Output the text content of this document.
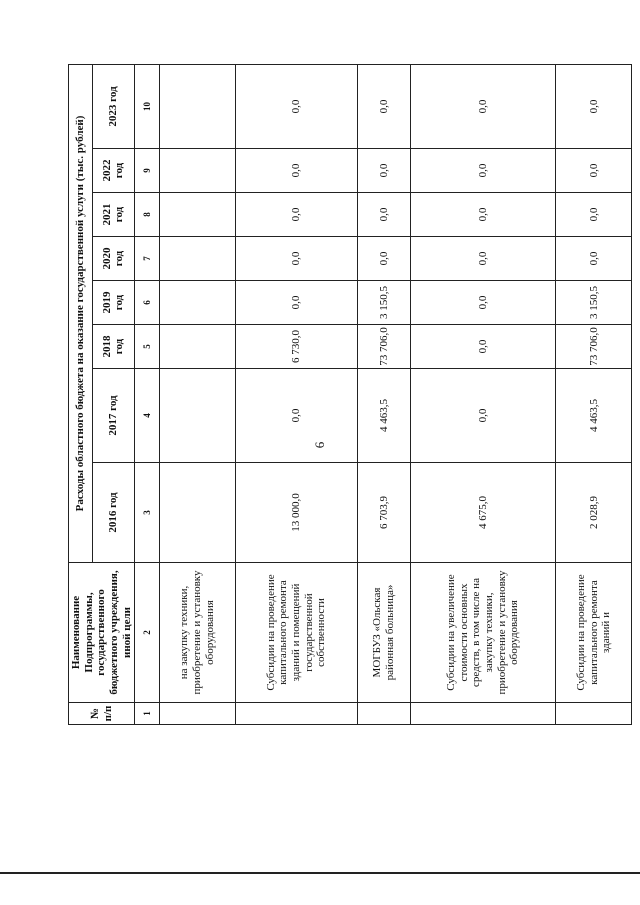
6
№ п/п	Наименование Подпрограммы, государственного бюджетного учреждения, иной цели	Расходы областного бюджета на оказание государственной услуги (тыс. рублей)							
		2016 год	2017 год	2018 год	2019 год	2020 год	2021 год	2022 год	2023 год
1	2	3	4	5	6	7	8	9	10
	на закупку техники, приобретение и установку оборудования								
	Субсидии на проведение капитального ремонта зданий и помещений государственной собственности	13 000,0	0,0	6 730,0	0,0	0,0	0,0	0,0	0,0
	МОГБУЗ «Ольская районная больница»	6 703,9	4 463,5	73 706,0	3 150,5	0,0	0,0	0,0	0,0
	Субсидии на увеличение стоимости основных средств, в том числе на закупку техники, приобретение и установку оборудования	4 675,0	0,0	0,0	0,0	0,0	0,0	0,0	0,0
	Субсидии на проведение капитального ремонта зданий и	2 028,9	4 463,5	73 706,0	3 150,5	0,0	0,0	0,0	0,0
